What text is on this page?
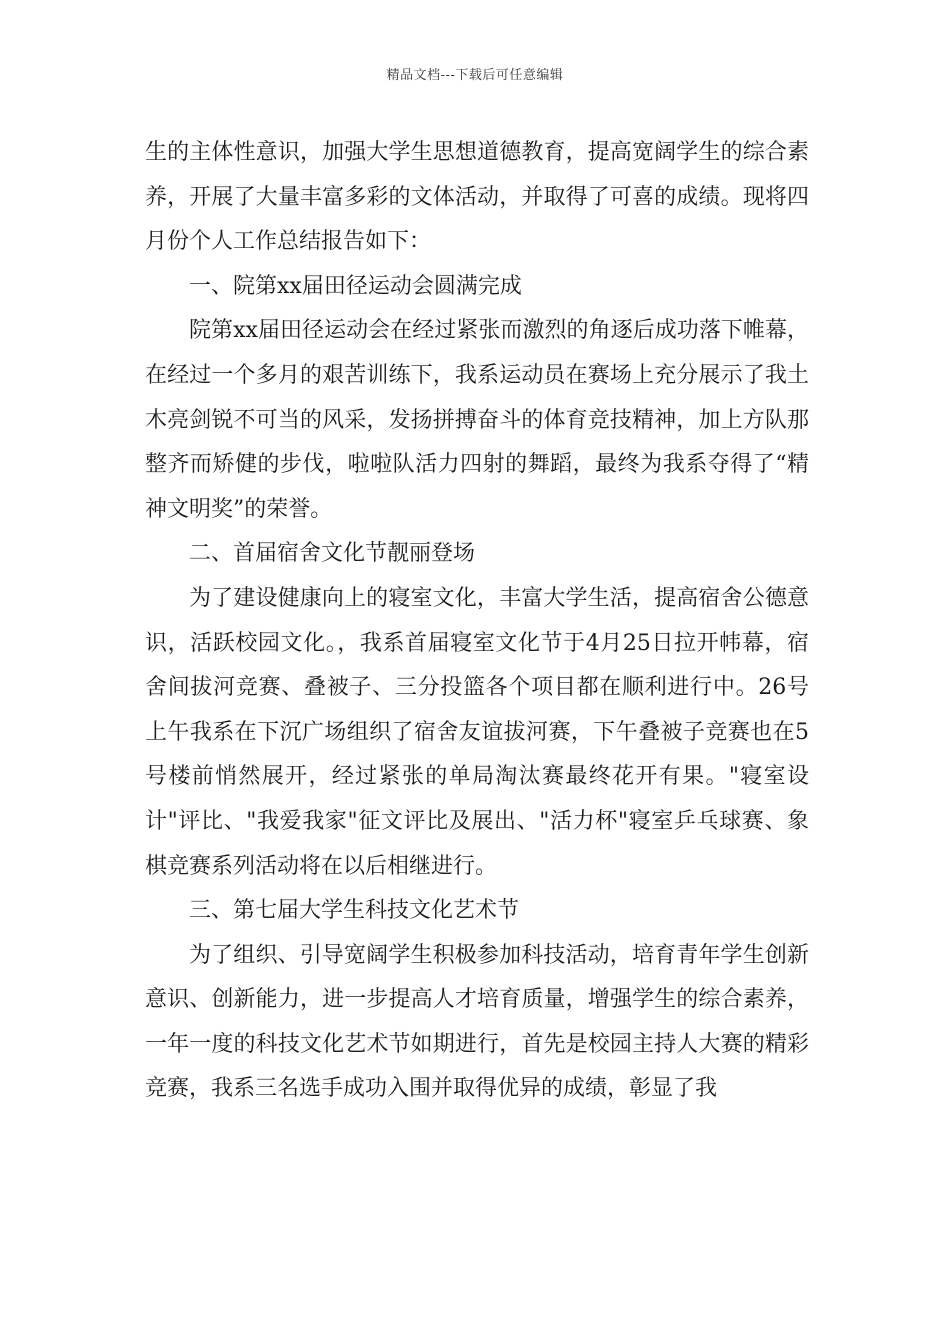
精品文档---下载后可任意编辑

生的主体性意识，加强大学生思想道德教育，提高宽阔学生的综合素养，开展了大量丰富多彩的文体活动，并取得了可喜的成绩。现将四月份个人工作总结报告如下：

一、院第xx届田径运动会圆满完成

院第xx届田径运动会在经过紧张而激烈的角逐后成功落下帷幕，在经过一个多月的艰苦训练下，我系运动员在赛场上充分展示了我土木亮剑锐不可当的风采，发扬拼搏奋斗的体育竞技精神，加上方队那整齐而矫健的步伐，啦啦队活力四射的舞蹈，最终为我系夺得了“精神文明奖”的荣誉。

二、首届宿舍文化节靓丽登场

为了建设健康向上的寝室文化，丰富大学生活，提高宿舍公德意识，活跃校园文化。，我系首届寝室文化节于4月25日拉开帏幕，宿舍间拔河竞赛、叠被子、三分投篮各个项目都在顺利进行中。26号上午我系在下沉广场组织了宿舍友谊拔河赛，下午叠被子竞赛也在5号楼前悄然展开，经过紧张的单局淘汰赛最终花开有果。"寝室设计"评比、"我爱我家"征文评比及展出、"活力杯"寝室乒乓球赛、象棋竞赛系列活动将在以后相继进行。

三、第七届大学生科技文化艺术节

为了组织、引导宽阔学生积极参加科技活动，培育青年学生创新意识、创新能力，进一步提高人才培育质量，增强学生的综合素养，一年一度的科技文化艺术节如期进行，首先是校园主持人大赛的精彩竞赛，我系三名选手成功入围并取得优异的成绩，彰显了我
